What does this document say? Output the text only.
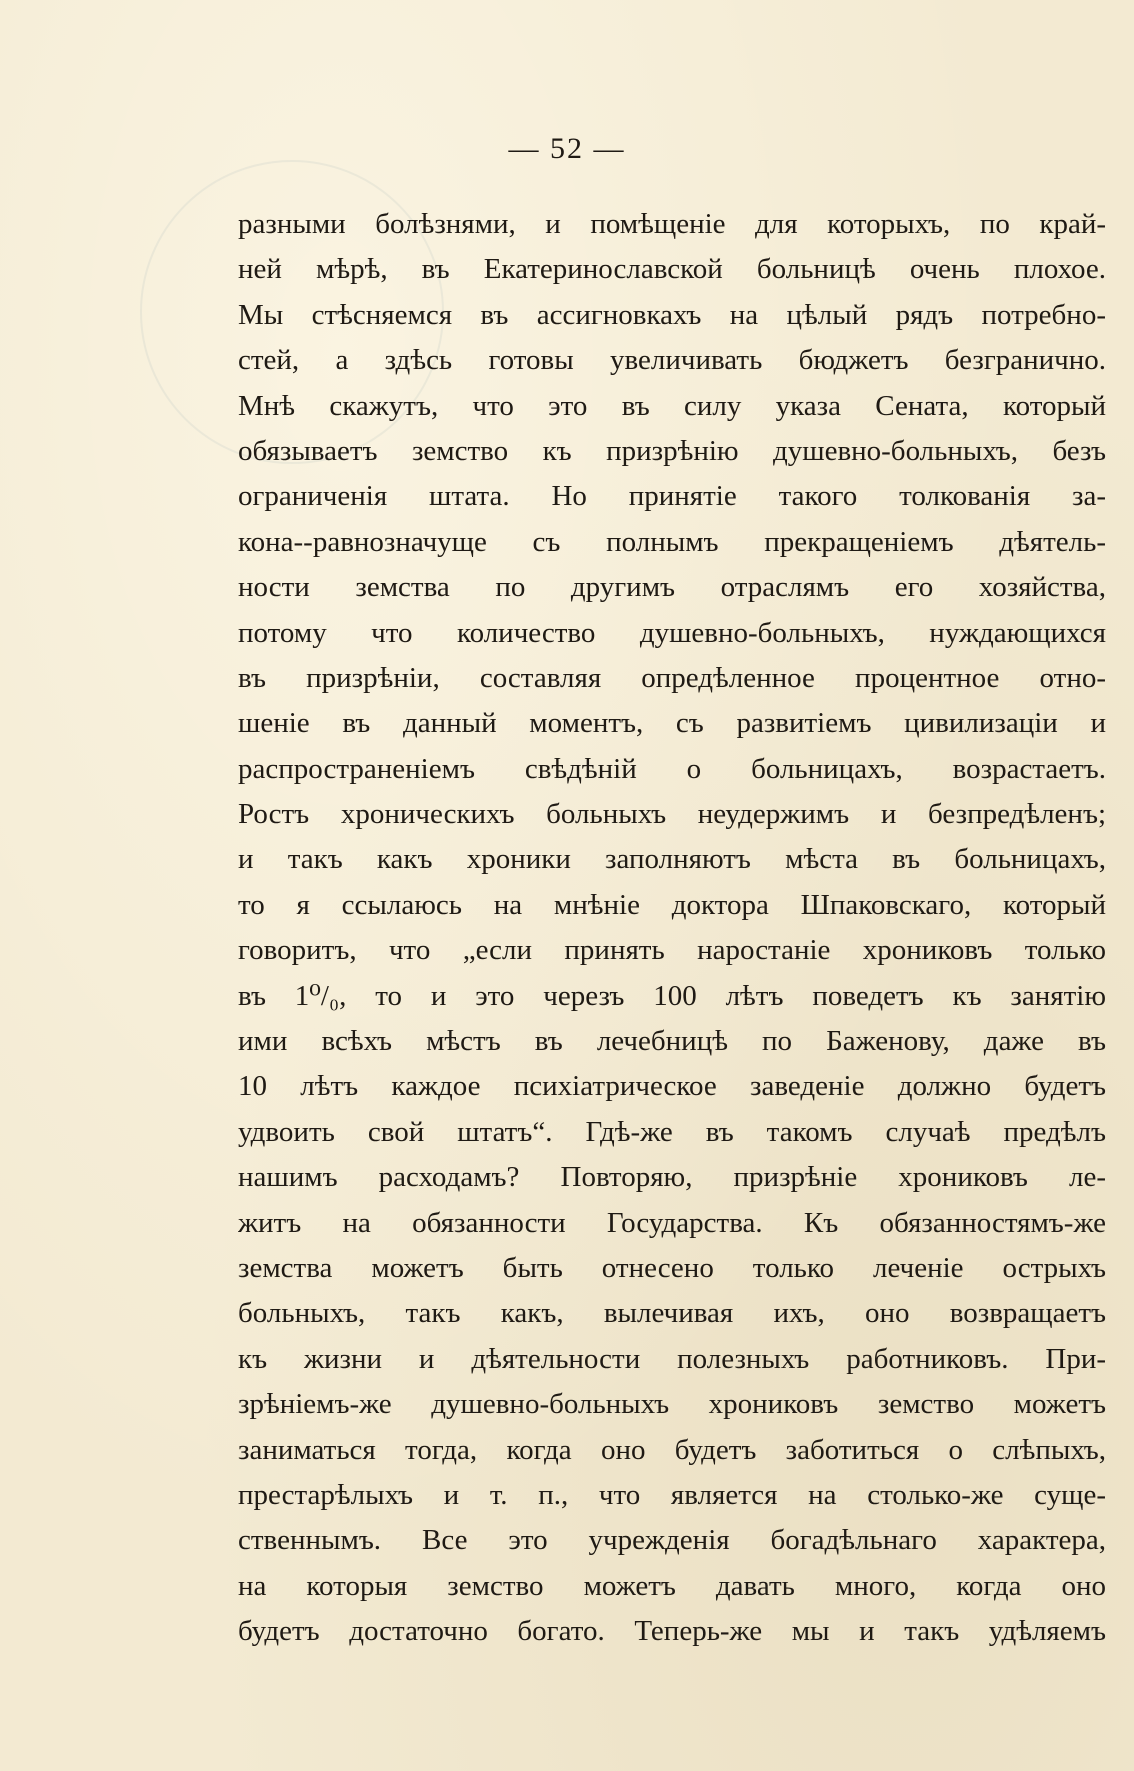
— 52 —
разными болѣзнями, и помѣщеніе для которыхъ, по край-
ней мѣрѣ, въ Екатеринославской больницѣ очень плохое.
Мы стѣсняемся въ ассигновкахъ на цѣлый рядъ потребно-
стей, а здѣсь готовы увеличивать бюджетъ безгранично.
Мнѣ скажутъ, что это въ силу указа Сената, который
обязываетъ земство къ призрѣнію душевно-больныхъ, безъ
ограниченія штата. Но принятіе такого толкованія за-
кона--равнозначуще съ полнымъ прекращеніемъ дѣятель-
ности земства по другимъ отраслямъ его хозяйства,
потому что количество душевно-больныхъ, нуждающихся
въ призрѣніи, составляя опредѣленное процентное отно-
шеніе въ данный моментъ, съ развитіемъ цивилизаціи и
распространеніемъ свѣдѣній о больницахъ, возрастаетъ.
Ростъ хроническихъ больныхъ неудержимъ и безпредѣленъ;
и такъ какъ хроники заполняютъ мѣста въ больницахъ,
то я ссылаюсь на мнѣніе доктора Шпаковскаго, который
говоритъ, что „если принять наростаніе хрониковъ только
въ 1⁰/₀, то и это черезъ 100 лѣтъ поведетъ къ занятію
ими всѣхъ мѣстъ въ лечебницѣ по Баженову, даже въ
10 лѣтъ каждое психіатрическое заведеніе должно будетъ
удвоить свой штатъ“. Гдѣ-же въ такомъ случаѣ предѣлъ
нашимъ расходамъ? Повторяю, призрѣніе хрониковъ ле-
житъ на обязанности Государства. Къ обязанностямъ-же
земства можетъ быть отнесено только леченіе острыхъ
больныхъ, такъ какъ, вылечивая ихъ, оно возвращаетъ
къ жизни и дѣятельности полезныхъ работниковъ. При-
зрѣніемъ-же душевно-больныхъ хрониковъ земство можетъ
заниматься тогда, когда оно будетъ заботиться о слѣпыхъ,
престарѣлыхъ и т. п., что является на столько-же суще-
ственнымъ. Все это учрежденія богадѣльнаго характера,
на которыя земство можетъ давать много, когда оно
будетъ достаточно богато. Теперь-же мы и такъ удѣляемъ
